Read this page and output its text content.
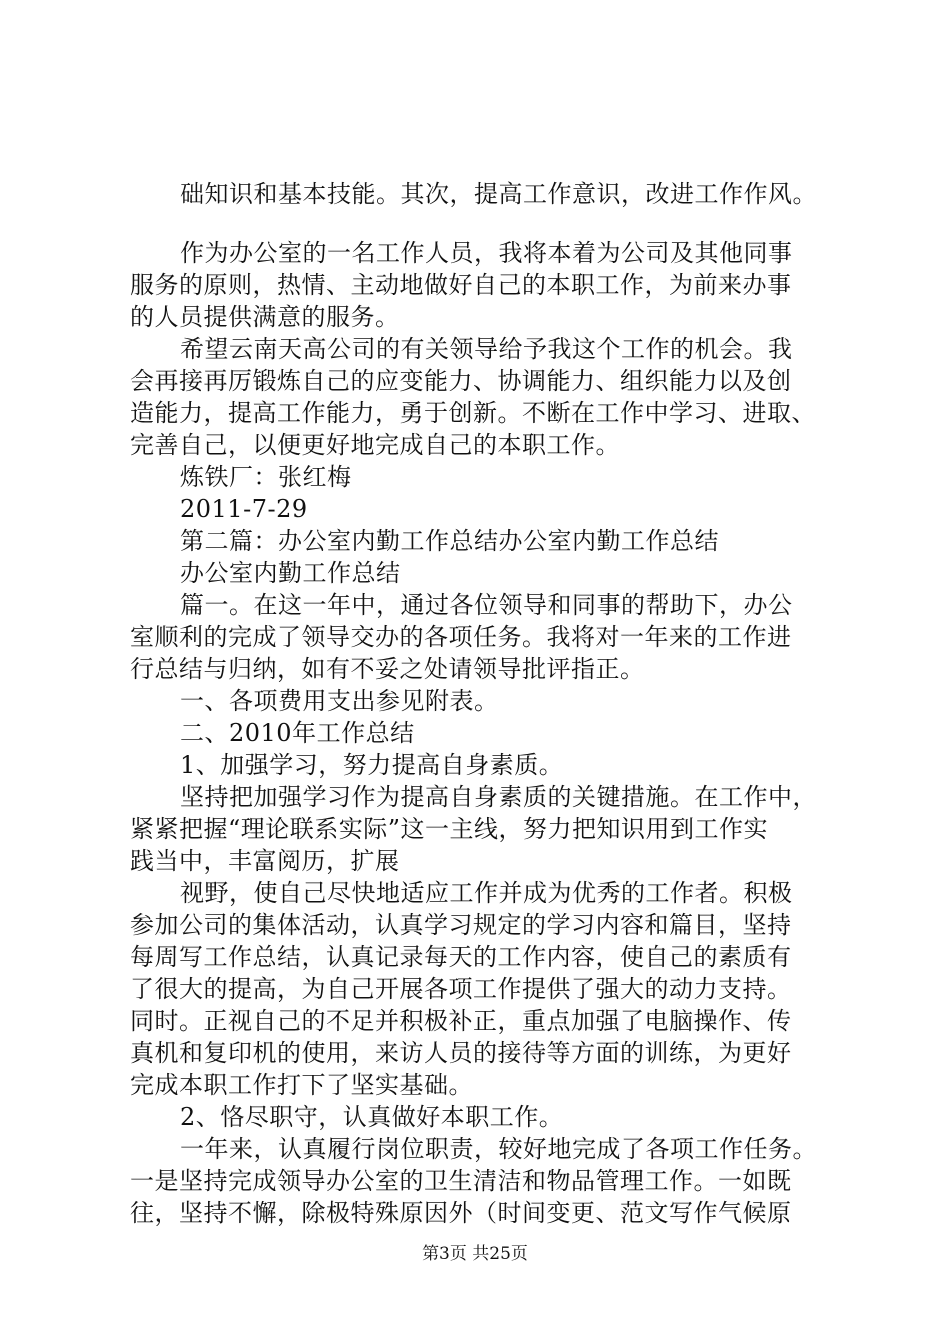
础知识和基本技能。其次，提高工作意识，改进工作作风。
作为办公室的一名工作人员，我将本着为公司及其他同事
服务的原则，热情、主动地做好自己的本职工作，为前来办事
的人员提供满意的服务。
希望云南天高公司的有关领导给予我这个工作的机会。我
会再接再厉锻炼自己的应变能力、协调能力、组织能力以及创
造能力，提高工作能力，勇于创新。不断在工作中学习、进取、
完善自己，以便更好地完成自己的本职工作。
炼铁厂：张红梅
2011-7-29
第二篇：办公室内勤工作总结办公室内勤工作总结
办公室内勤工作总结
篇一。在这一年中，通过各位领导和同事的帮助下，办公
室顺利的完成了领导交办的各项任务。我将对一年来的工作进
行总结与归纳，如有不妥之处请领导批评指正。
一、各项费用支出参见附表。
二、2010年工作总结
1、加强学习，努力提高自身素质。
坚持把加强学习作为提高自身素质的关键措施。在工作中，
紧紧把握“理论联系实际”这一主线，努力把知识用到工作实
践当中，丰富阅历，扩展
视野，使自己尽快地适应工作并成为优秀的工作者。积极
参加公司的集体活动，认真学习规定的学习内容和篇目，坚持
每周写工作总结，认真记录每天的工作内容，使自己的素质有
了很大的提高，为自己开展各项工作提供了强大的动力支持。
同时。正视自己的不足并积极补正，重点加强了电脑操作、传
真机和复印机的使用，来访人员的接待等方面的训练，为更好
完成本职工作打下了坚实基础。
2、恪尽职守，认真做好本职工作。
一年来，认真履行岗位职责，较好地完成了各项工作任务。
一是坚持完成领导办公室的卫生清洁和物品管理工作。一如既
往，坚持不懈，除极特殊原因外（时间变更、范文写作气候原
第3页 共25页
